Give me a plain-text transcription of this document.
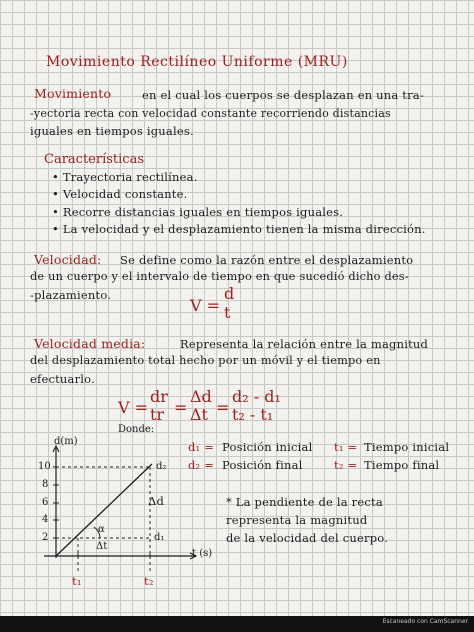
Movimiento Rectilíneo Uniforme (MRU)
Movimiento	en el cual los cuerpos se desplazan en una tra-
-yectoria recta con velocidad constante recorriendo distancias
iguales en tiempos iguales.
Características
• Trayectoria rectilínea.
• Velocidad constante.
• Recorre distancias iguales en tiempos iguales.
• La velocidad y el desplazamiento tienen la misma dirección.
Velocidad: Se define como la razón entre el desplazamiento
de un cuerpo y el intervalo de tiempo en que sucedió dicho des-
-plazamiento.
V =
d
t
Velocidad media:	Representa la relación entre la magnitud
del desplazamiento total hecho por un móvil y el tiempo en
efectuarlo.
V =
dr
tr =
Δd
Δt =
d₂ - d₁
t₂ - t₁
Donde:
d₁ = Posición inicial
d₂ = Posición final
t₁ = Tiempo inicial
t₂ = Tiempo final
d(m)
t (s)
2
4
6
8
10	d₂
d₁
Δd
Δt
α
t₁	t₂
* La pendiente de la recta
representa la magnitud
de la velocidad del cuerpo.
Escaneado con CamScanner
